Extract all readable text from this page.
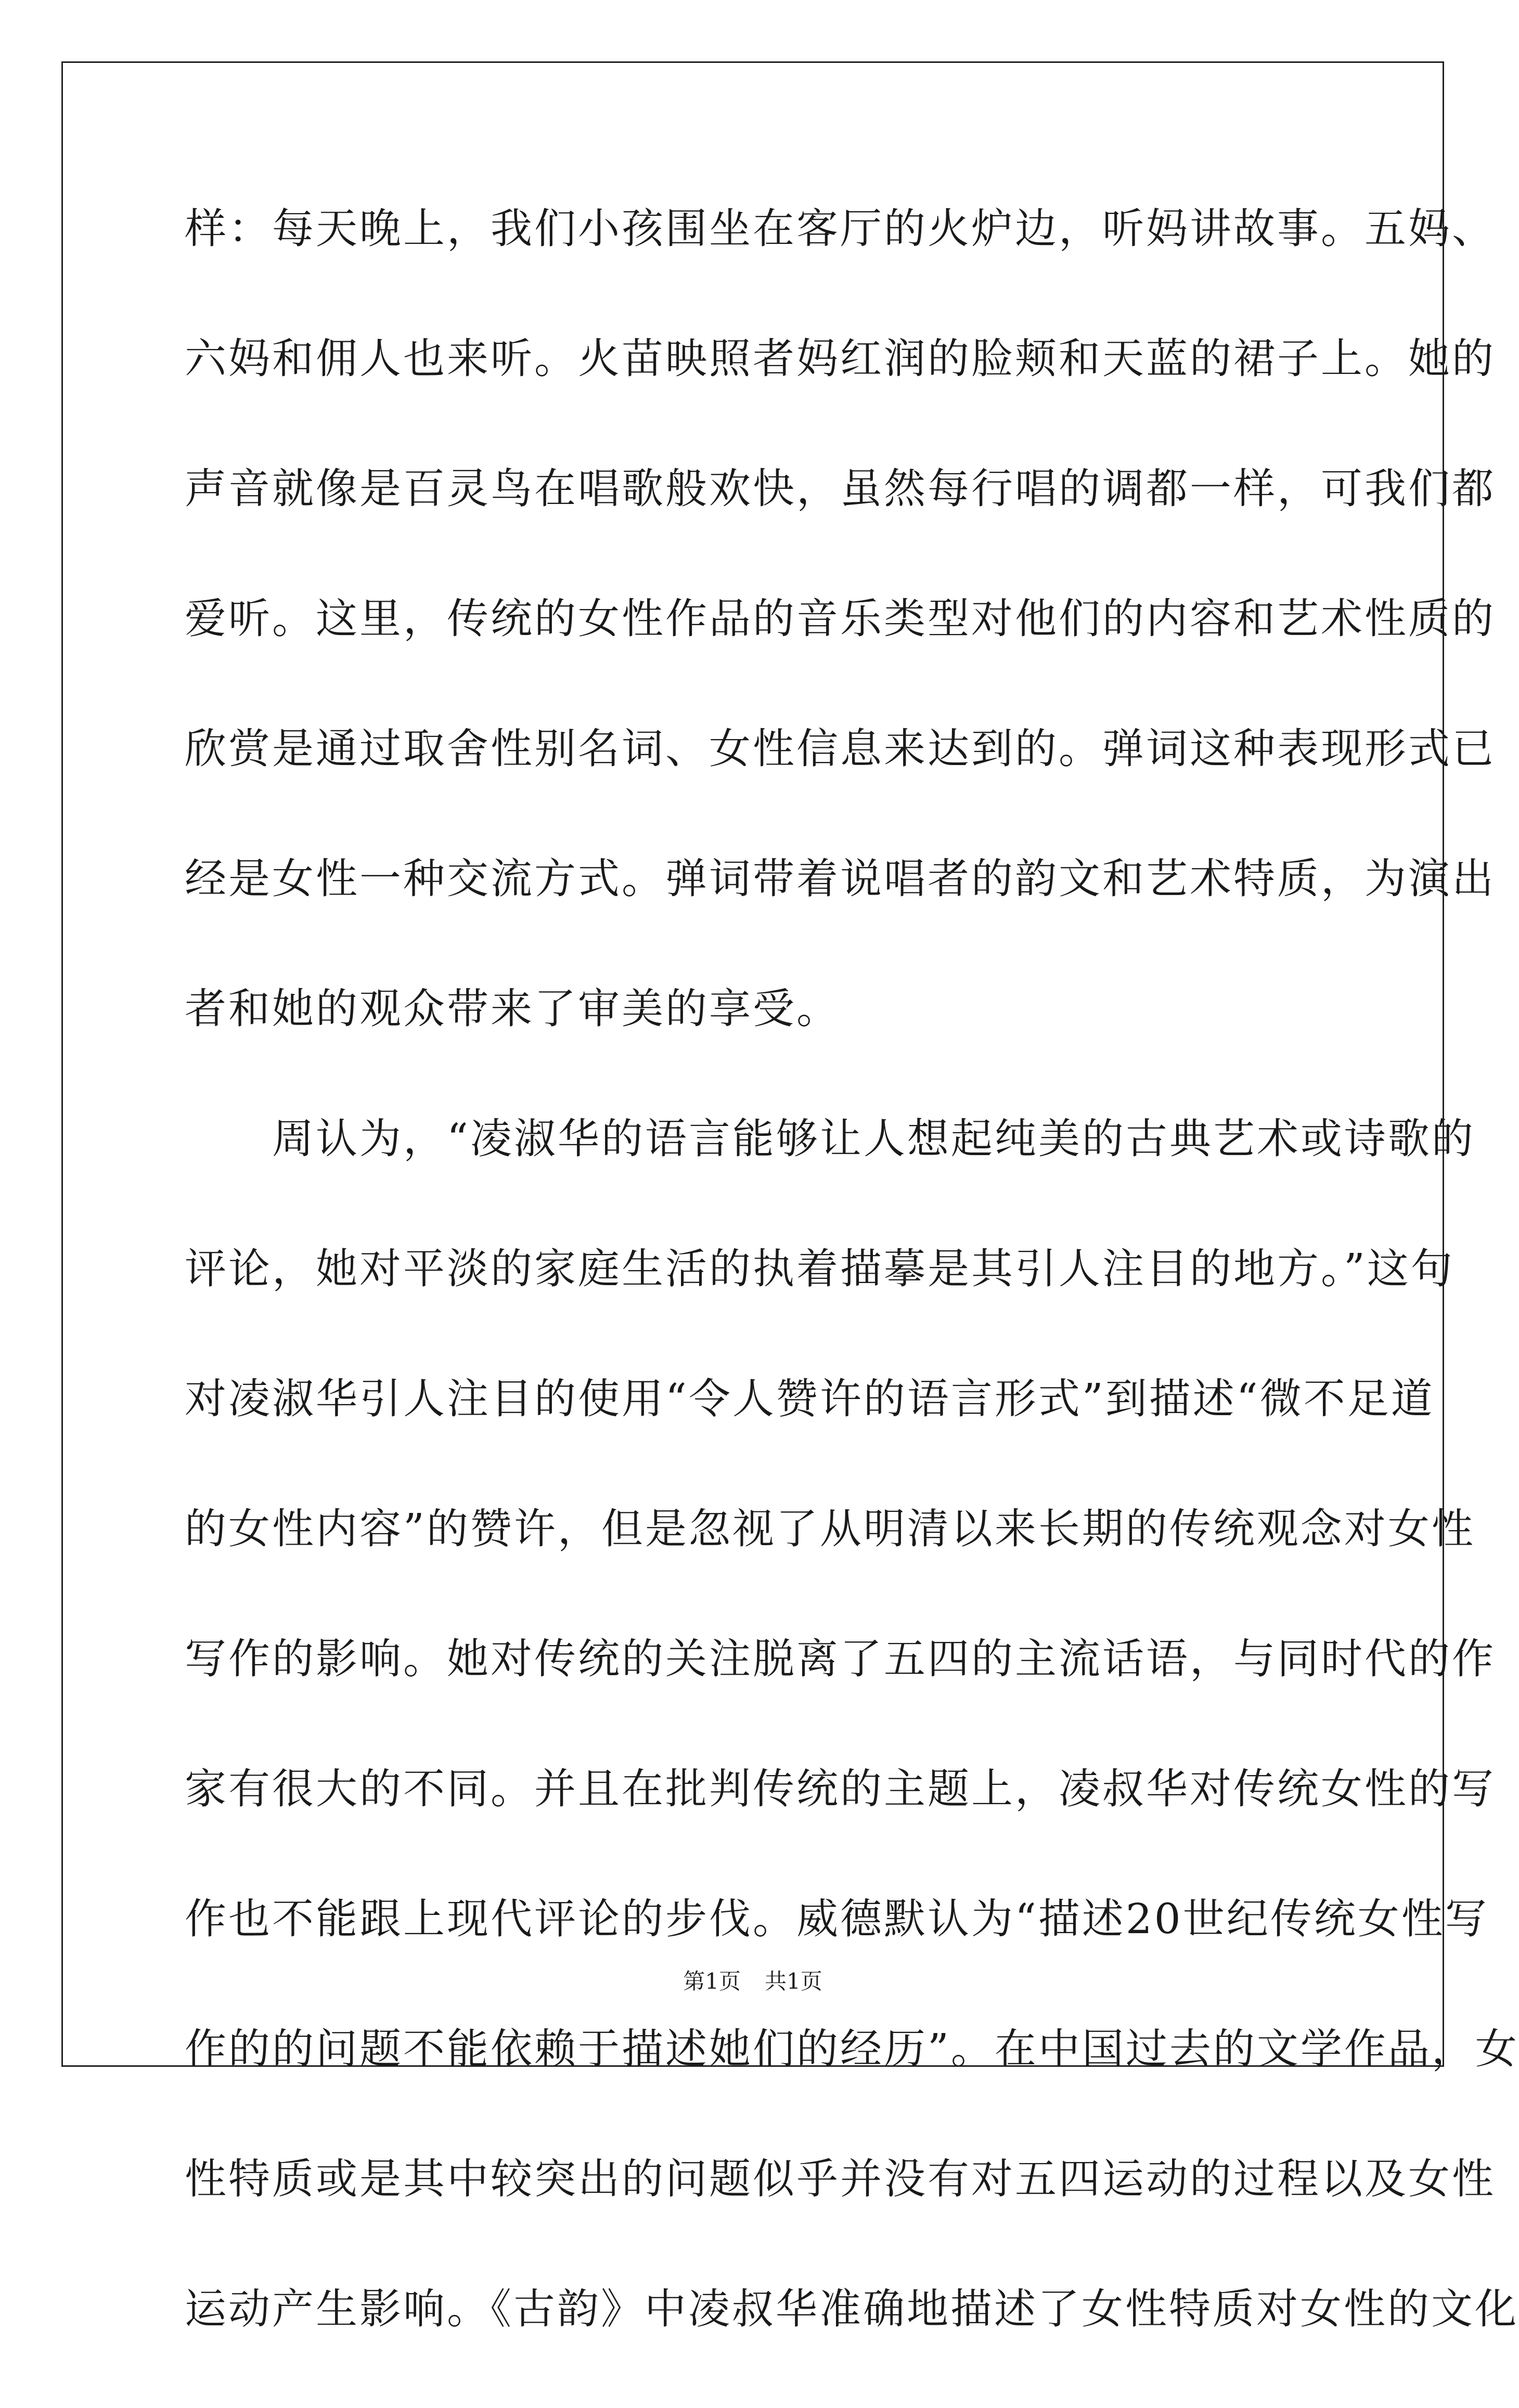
样：每天晚上，我们小孩围坐在客厅的火炉边，听妈讲故事。五妈、
六妈和佣人也来听。火苗映照者妈红润的脸颊和天蓝的裙子上。她的
声音就像是百灵鸟在唱歌般欢快，虽然每行唱的调都一样，可我们都
爱听。这里，传统的女性作品的音乐类型对他们的内容和艺术性质的
欣赏是通过取舍性别名词、女性信息来达到的。弹词这种表现形式已
经是女性一种交流方式。弹词带着说唱者的韵文和艺术特质，为演出
者和她的观众带来了审美的享受。
　　周认为，“凌淑华的语言能够让人想起纯美的古典艺术或诗歌的
评论，她对平淡的家庭生活的执着描摹是其引人注目的地方。”这句
对凌淑华引人注目的使用“令人赞许的语言形式”到描述“微不足道
的女性内容”的赞许，但是忽视了从明清以来长期的传统观念对女性
写作的影响。她对传统的关注脱离了五四的主流话语，与同时代的作
家有很大的不同。并且在批判传统的主题上，凌叔华对传统女性的写
作也不能跟上现代评论的步伐。威德默认为“描述20世纪传统女性写
作的的问题不能依赖于描述她们的经历”。在中国过去的文学作品，女
性特质或是其中较突出的问题似乎并没有对五四运动的过程以及女性
运动产生影响。《古韵》中凌叔华准确地描述了女性特质对女性的文化
第1页 共1页
